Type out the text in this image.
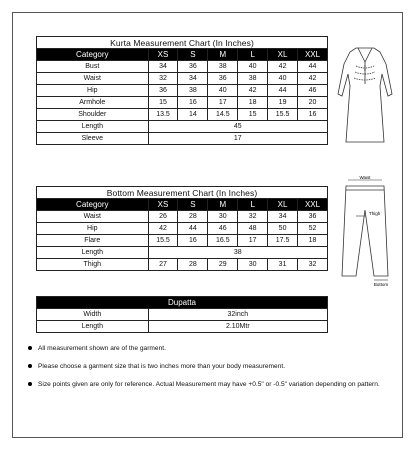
Kurta Measurement Chart (In Inches)						
Category	XS	S	M	L	XL	XXL
Bust	34	36	38	40	42	44
Waist	32	34	36	38	40	42
Hip	36	38	40	42	44	46
Armhole	15	16	17	18	19	20
Shoulder	13.5	14	14.5	15	15.5	16
Length	45					
Sleeve	17					
Bottom Measurement Chart (In Inches)						
Category	XS	S	M	L	XL	XXL
Waist	26	28	30	32	34	36
Hip	42	44	46	48	50	52
Flare	15.5	16	16.5	17	17.5	18
Length	38					
Thigh	27	28	29	30	31	32
Waist
Thigh
Bottom
Dupatta	
Width	32inch
Length	2.10Mtr
All measurement shown are of the garment.
Please choose a garment size that is two inches more than your body measurement.
Size points given are only for reference. Actual Measurement may have +0.5" or -0.5" variation depending on pattern.
